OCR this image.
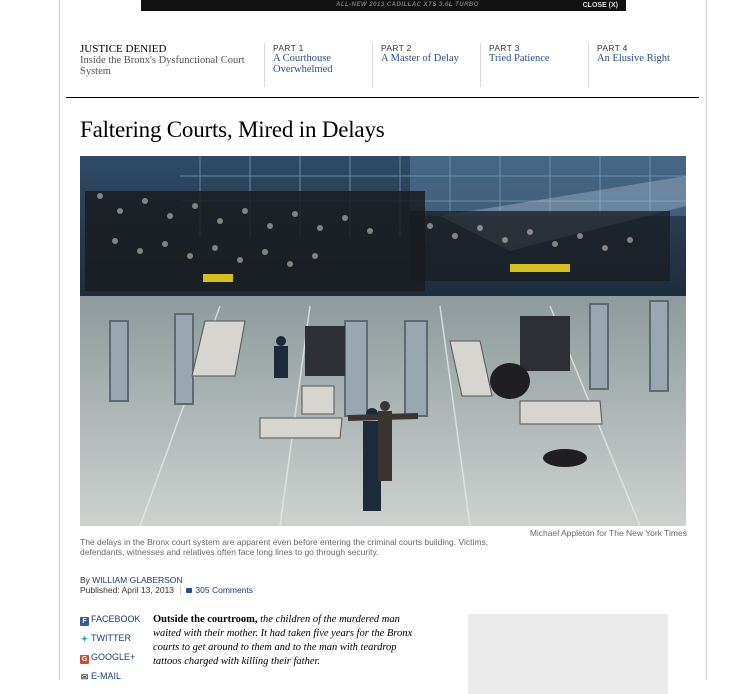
ALL-NEW 2013 CADILLAC XTS 3.6L TURBO	CLOSE (X)
JUSTICE DENIED
Inside the Bronx's Dysfunctional Court System
PART 1
A Courthouse Overwhelmed
PART 2
A Master of Delay
PART 3
Tried Patience
PART 4
An Elusive Right
Faltering Courts, Mired in Delays
Michael Appleton for The New York Times
The delays in the Bronx court system are apparent even before entering the criminal courts building. Victims, defendants, witnesses and relatives often face long lines to go through security.
By WILLIAM GLABERSON
Published: April 13, 2013	305 Comments
F FACEBOOK
✦ TWITTER
G GOOGLE+
✉ E-MAIL

Outside the courtroom, the children of the murdered man waited with their mother. It had taken five years for the Bronx courts to get around to them and to the man with teardrop tattoos charged with killing their father.
